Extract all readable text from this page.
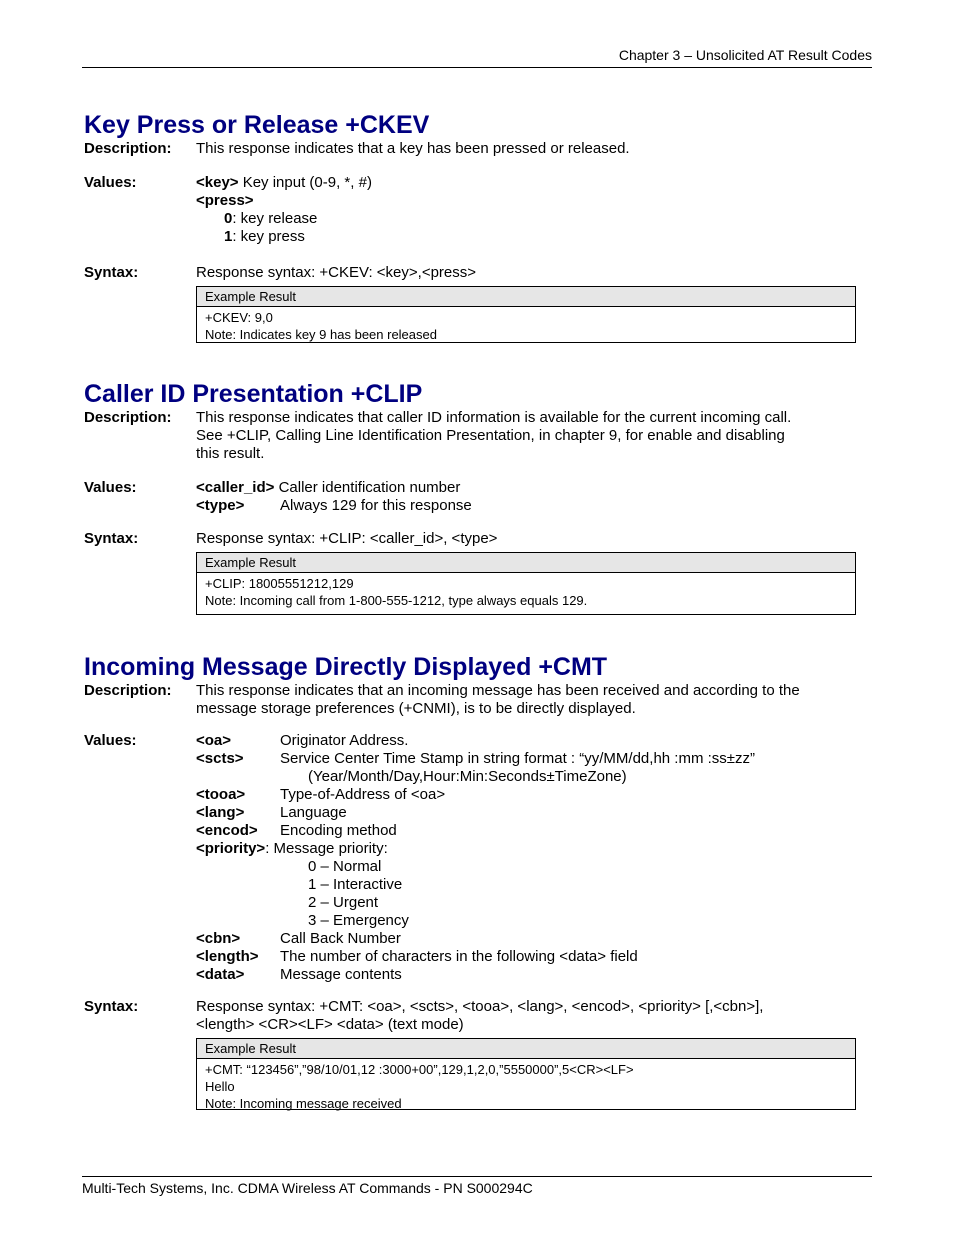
Chapter 3 – Unsolicited AT Result Codes
Key Press or Release +CKEV
Description: This response indicates that a key has been pressed or released.
Values:	<key> Key input (0-9, *, #)
<press>
0: key release
1: key press
Syntax:	Response syntax: +CKEV: <key>,<press>
Example Result
+CKEV: 9,0
Note: Indicates key 9 has been released
Caller ID Presentation +CLIP
Description: This response indicates that caller ID information is available for the current incoming call.
See +CLIP, Calling Line Identification Presentation, in chapter 9, for enable and disabling
this result.
Values:	<caller_id> Caller identification number
<type> Always 129 for this response
Syntax:	Response syntax: +CLIP: <caller_id>, <type>
Example Result
+CLIP: 18005551212,129
Note: Incoming call from 1-800-555-1212, type always equals 129.
Incoming Message Directly Displayed +CMT
Description: This response indicates that an incoming message has been received and according to the
message storage preferences (+CNMI), is to be directly displayed.
Values:	<oa>	Originator Address.
<scts> Service Center Time Stamp in string format : “yy/MM/dd,hh :mm :ss±zz”
(Year/Month/Day,Hour:Min:Seconds±TimeZone)
<tooa> Type-of-Address of <oa>
<lang> Language
<encod> Encoding method
<priority>: Message priority:
0 – Normal
1 – Interactive
2 – Urgent
3 – Emergency
<cbn>	Call Back Number
<length> The number of characters in the following <data> field
<data> Message contents
Syntax:	Response syntax: +CMT: <oa>, <scts>, <tooa>, <lang>, <encod>, <priority> [,<cbn>],
<length> <CR><LF> <data> (text mode)
Example Result
+CMT: “123456”,”98/10/01,12 :3000+00”,129,1,2,0,”5550000”,5<CR><LF>
Hello
Note: Incoming message received
Multi-Tech Systems, Inc. CDMA Wireless AT Commands - PN S000294C
